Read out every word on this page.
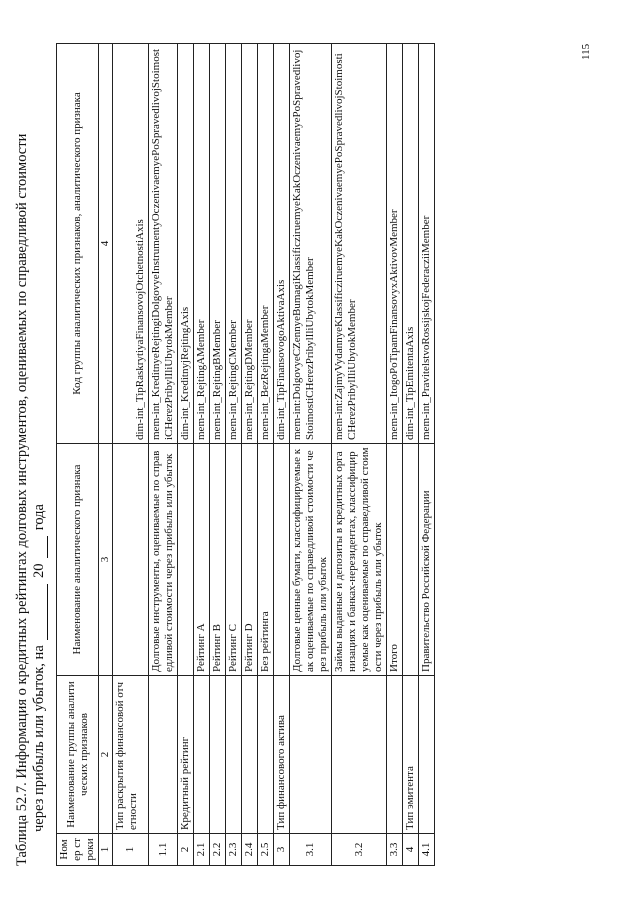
Таблица 52.7. Информация о кредитных рейтингах долговых инструментов, оцениваемых по справедливой стоимости через прибыль или убыток, на  20  года
Номер строки	Наименование группы аналитических признаков	Наименование аналитического признака	Код группы аналитических признаков, аналитического признака
1	2	3	4
1	Тип раскрытия финансовой отчетности		dim-int_TipRaskrytiyaFinansovojOtchetnostiAxis
1.1		Долговые инструменты, оцениваемые по справедливой стоимости через прибыль или убыток	mem-int_KreditnyeRejtingiDolgovyeInstrumentyOczenivaemyePoSpravedlivojStoimostiCHerezPribylIliUbytokMember
2	Кредитный рейтинг		dim-int_KreditnyjRejtingAxis
2.1		Рейтинг A	mem-int_RejtingAMember
2.2		Рейтинг B	mem-int_RejtingBMember
2.3		Рейтинг C	mem-int_RejtingCMember
2.4		Рейтинг D	mem-int_RejtingDMember
2.5		Без рейтинга	mem-int_BezRejtingaMember
3	Тип финансового актива		dim-int_TipFinansovogoAktivaAxis
3.1		Долговые ценные бумаги, классифицируемые как оцениваемые по справедливой стоимости через прибыль или убыток	mem-int:DolgovyeCZennyeBumagiKlassificziruemyeKakOczenivaemyePoSpravedlivojStoimostiCHerezPribylIliUbytokMember
3.2		Займы выданные и депозиты в кредитных организациях и банках-нерезидентах, классифицируемые как оцениваемые по справедливой стоимости через прибыль или убыток	mem-int:ZajmyVydannyeKlassificziruemyeKakOczenivaemyePoSpravedlivojStoimostiCHerezPribylIliUbytokMember
3.3		Итого	mem-int_ItogoPoTipamFinansovyxAktivovMember
4	Тип эмитента		dim-int_TipEmitentaAxis
4.1		Правительство Российской Федерации	mem-int_PravitelstvoRossijskojFederacziiMember
115
